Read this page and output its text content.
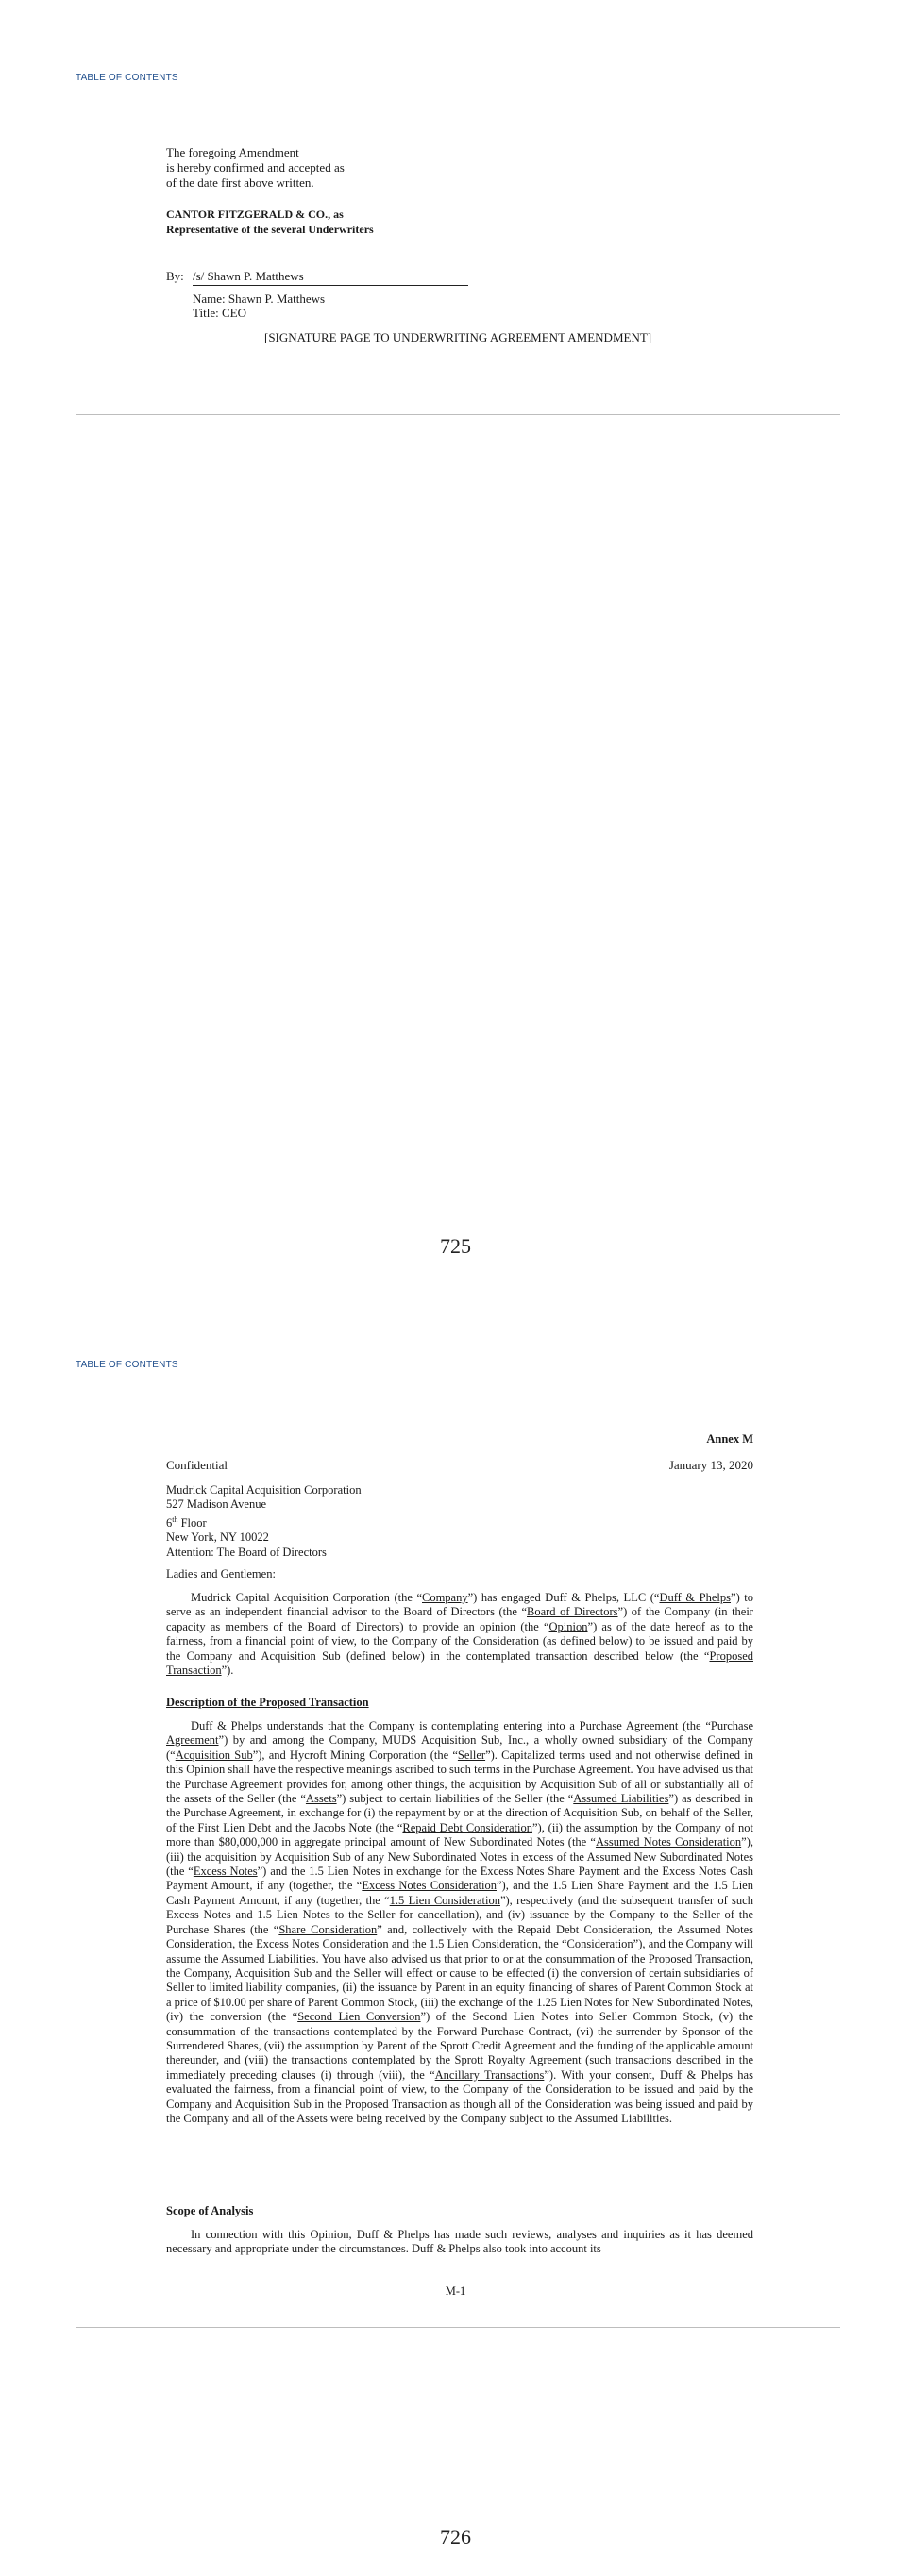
TABLE OF CONTENTS
The foregoing Amendment
is hereby confirmed and accepted as
of the date first above written.
CANTOR FITZGERALD & CO., as
Representative of the several Underwriters
By: /s/ Shawn P. Matthews
Name: Shawn P. Matthews
Title: CEO
[SIGNATURE PAGE TO UNDERWRITING AGREEMENT AMENDMENT]
725
TABLE OF CONTENTS
Annex M
Confidential	January 13, 2020
Mudrick Capital Acquisition Corporation
527 Madison Avenue
6th Floor
New York, NY 10022
Attention: The Board of Directors
Ladies and Gentlemen:

Mudrick Capital Acquisition Corporation (the “Company”) has engaged Duff & Phelps, LLC (“Duff & Phelps”) to serve as an independent financial advisor to the Board of Directors (the “Board of Directors”) of the Company (in their capacity as members of the Board of Directors) to provide an opinion (the “Opinion”) as of the date hereof as to the fairness, from a financial point of view, to the Company of the Consideration (as defined below) to be issued and paid by the Company and Acquisition Sub (defined below) in the contemplated transaction described below (the “Proposed Transaction”).

Description of the Proposed Transaction

Duff & Phelps understands that the Company is contemplating entering into a Purchase Agreement (the “Purchase Agreement”) by and among the Company, MUDS Acquisition Sub, Inc., a wholly owned subsidiary of the Company (“Acquisition Sub”), and Hycroft Mining Corporation (the “Seller”). Capitalized terms used and not otherwise defined in this Opinion shall have the respective meanings ascribed to such terms in the Purchase Agreement. You have advised us that the Purchase Agreement provides for, among other things, the acquisition by Acquisition Sub of all or substantially all of the assets of the Seller (the “Assets”) subject to certain liabilities of the Seller (the “Assumed Liabilities”) as described in the Purchase Agreement, in exchange for (i) the repayment by or at the direction of Acquisition Sub, on behalf of the Seller, of the First Lien Debt and the Jacobs Note (the “Repaid Debt Consideration”), (ii) the assumption by the Company of not more than $80,000,000 in aggregate principal amount of New Subordinated Notes (the “Assumed Notes Consideration”), (iii) the acquisition by Acquisition Sub of any New Subordinated Notes in excess of the Assumed New Subordinated Notes (the “Excess Notes”) and the 1.5 Lien Notes in exchange for the Excess Notes Share Payment and the Excess Notes Cash Payment Amount, if any (together, the “Excess Notes Consideration”), and the 1.5 Lien Share Payment and the 1.5 Lien Cash Payment Amount, if any (together, the “1.5 Lien Consideration”), respectively (and the subsequent transfer of such Excess Notes and 1.5 Lien Notes to the Seller for cancellation), and (iv) issuance by the Company to the Seller of the Purchase Shares (the “Share Consideration” and, collectively with the Repaid Debt Consideration, the Assumed Notes Consideration, the Excess Notes Consideration and the 1.5 Lien Consideration, the “Consideration”), and the Company will assume the Assumed Liabilities. You have also advised us that prior to or at the consummation of the Proposed Transaction, the Company, Acquisition Sub and the Seller will effect or cause to be effected (i) the conversion of certain subsidiaries of Seller to limited liability companies, (ii) the issuance by Parent in an equity financing of shares of Parent Common Stock at a price of $10.00 per share of Parent Common Stock, (iii) the exchange of the 1.25 Lien Notes for New Subordinated Notes, (iv) the conversion (the “Second Lien Conversion”) of the Second Lien Notes into Seller Common Stock, (v) the consummation of the transactions contemplated by the Forward Purchase Contract, (vi) the surrender by Sponsor of the Surrendered Shares, (vii) the assumption by Parent of the Sprott Credit Agreement and the funding of the applicable amount thereunder, and (viii) the transactions contemplated by the Sprott Royalty Agreement (such transactions described in the immediately preceding clauses (i) through (viii), the “Ancillary Transactions”). With your consent, Duff & Phelps has evaluated the fairness, from a financial point of view, to the Company of the Consideration to be issued and paid by the Company and Acquisition Sub in the Proposed Transaction as though all of the Consideration was being issued and paid by the Company and all of the Assets were being received by the Company subject to the Assumed Liabilities.

Scope of Analysis

In connection with this Opinion, Duff & Phelps has made such reviews, analyses and inquiries as it has deemed necessary and appropriate under the circumstances. Duff & Phelps also took into account its

M-1
726
